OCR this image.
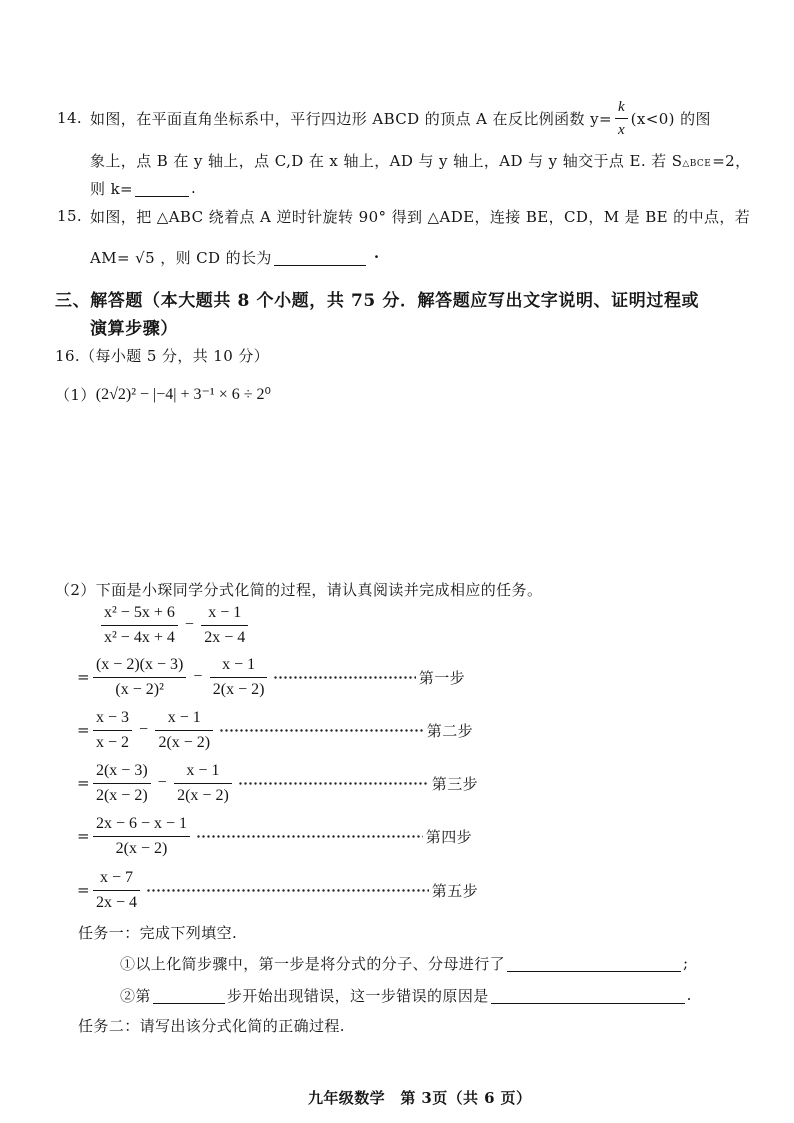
14. 如图，在平面直角坐标系中，平行四边形 ABCD 的顶点 A 在反比例函数 $y= \frac{k}{x} (x<0)$ 的图
象上，点 B 在 y 轴上，点 C,D 在 x 轴上，AD 与 y 轴上，AD 与 y 轴交于点 E. 若 S △BCE =2，
则 k=	.
15. 如图，把 △ABC 绕着点 A 逆时针旋转 90° 得到 △ADE，连接 BE，CD，M 是 BE 的中点，若
AM= √5 ，则 CD 的长为	·
三、解答题（本大题共 8 个小题，共 75 分．解答题应写出文字说明、证明过程或
演算步骤）
16.（每小题 5 分，共 10 分）
（1） (2√2)² − |−4| + 3⁻¹ × 6 ÷ 2⁰
（2）下面是小琛同学分式化简的过程，请认真阅读并完成相应的任务。
$\frac{\text{x² − 5x + 6}}{\text{x² − 4x + 4}} - \frac{x - 1}{2x - 4}$
= $\frac{(x - 2)(x - 3)}{\text{(x − 2)²}} - \frac{x - 1}{2(x - 2)}$	第一步
= $\frac{x - 3}{x - 2} - \frac{x - 1}{2(x - 2)}$	第二步
= $\frac{2(x - 3)}{2(x - 2)} - \frac{x - 1}{2(x - 2)}$	第三步
= $\frac{2x - 6 - x - 1}{2(x - 2)}$	第四步
= $\frac{x - 7}{2x - 4}$	第五步
任务一：完成下列填空.
①以上化简步骤中，第一步是将分式的分子、分母进行了	;
②第	步开始出现错误，这一步错误的原因是	.
任务二：请写出该分式化简的正确过程.
九年级数学　第 3页（共 6 页）
